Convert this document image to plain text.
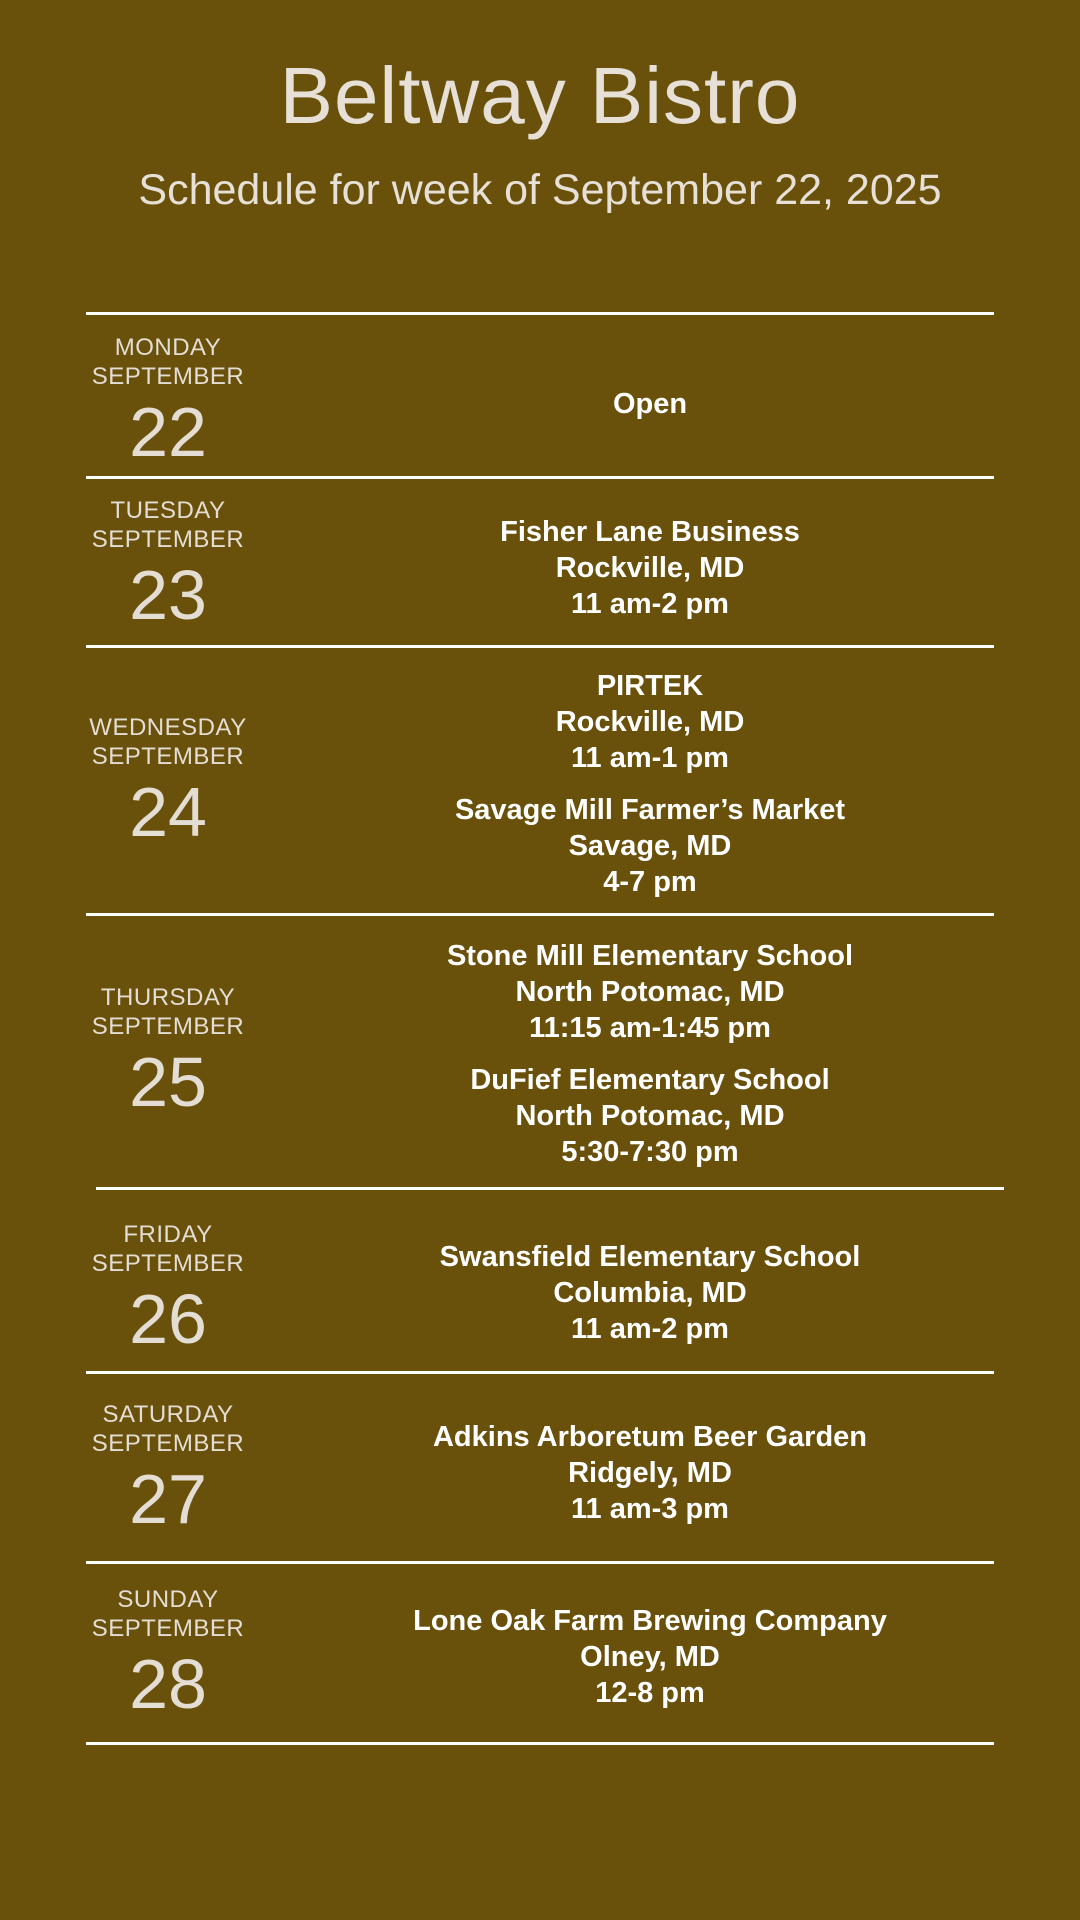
Beltway Bistro
Schedule for week of September 22, 2025
MONDAY
SEPTEMBER
22	Open
TUESDAY
SEPTEMBER
23
Fisher Lane Business
Rockville, MD
11 am-2 pm
WEDNESDAY
SEPTEMBER
24
PIRTEK
Rockville, MD
11 am-1 pm
Savage Mill Farmer’s Market
Savage, MD
4-7 pm
THURSDAY
SEPTEMBER
25
Stone Mill Elementary School
North Potomac, MD
11:15 am-1:45 pm
DuFief Elementary School
North Potomac, MD
5:30-7:30 pm
FRIDAY
SEPTEMBER
26
Swansfield Elementary School
Columbia, MD
11 am-2 pm
SATURDAY
SEPTEMBER
27
Adkins Arboretum Beer Garden
Ridgely, MD
11 am-3 pm
SUNDAY
SEPTEMBER
28
Lone Oak Farm Brewing Company
Olney, MD
12-8 pm
